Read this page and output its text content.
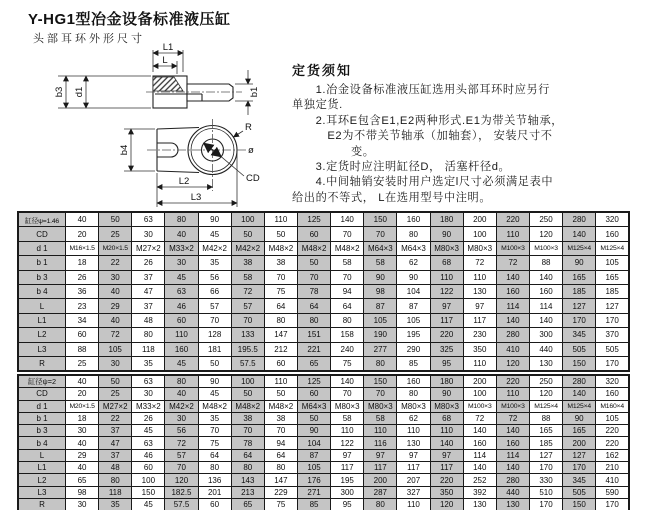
Y-HG1型冶金设备标准液压缸
头部耳环外形尺寸
L1
L
b3 d1	b1
b4
L2
L3
R
ø
CD
定货须知
　　1.冶金设备标准液压缸选用头部耳环时应另行
单独定货.
　　2.耳环E包含E1,E2两种形式.E1为带关节轴承，
　　　E2为不带关节轴承（加轴套）， 安装尺寸不
　　　　　变。
　　3.定货时应注明缸径D， 活塞杆径d。
　　4.中间轴销安装时用户选定l尺寸必须满足表中
给出的不等式， L在选用型号中注明。
缸径ψ=1.46	40	50	63	80	90	100	110	125	140	150	160	180	200	220	250	280	320
CD	20	25	30	40	45	50	50	60	70	70	80	90	100	110	120	140	160
d 1	M16×1.5	M20×1.5	M27×2	M33×2	M42×2	M42×2	M48×2	M48×2	M48×2	M64×3	M64×3	M80×3	M80×3	M100×3	M100×3	M125×4	M125×4
b 1	18	22	26	30	35	38	38	50	58	58	62	68	72	72	88	90	105
b 3	26	30	37	45	56	58	70	70	70	90	90	110	110	140	140	165	165
b 4	36	40	47	63	66	72	75	78	94	98	104	122	130	160	160	185	185
L	23	29	37	46	57	57	64	64	64	87	87	97	97	114	114	127	127
L1	34	40	48	60	70	70	80	80	80	105	105	117	117	140	140	170	170
L2	60	72	80	110	128	133	147	151	158	190	195	220	230	280	300	345	370
L3	88	105	118	160	181	195.5	212	221	240	277	290	325	350	410	440	505	505
R	25	30	35	45	50	57.5	60	65	75	80	85	95	110	120	130	150	170
缸径ψ=2	40	50	63	80	90	100	110	125	140	150	160	180	200	220	250	280	320
CD	20	25	30	40	45	50	50	60	70	70	80	90	100	110	120	140	160
d 1	M20×1.5	M27×2	M33×2	M42×2	M48×2	M48×2	M48×2	M64×3	M80×3	M80×3	M80×3	M80×3	M100×3	M100×3	M125×4	M125×4	M160×4
b 1	18	22	26	30	35	38	38	50	58	58	62	68	72	72	88	90	105
b 3	30	37	45	56	70	70	70	90	110	110	110	110	140	140	165	165	220
b 4	40	47	63	72	75	78	94	104	122	116	130	140	160	160	185	200	220
L	29	37	46	57	64	64	64	87	97	97	97	97	114	114	127	127	162
L1	40	48	60	70	80	80	80	105	117	117	117	117	140	140	170	170	210
L2	65	80	100	120	136	143	147	176	195	200	207	220	252	280	330	345	410
L3	98	118	150	182.5	201	213	229	271	300	287	327	350	392	440	510	505	590
R	30	35	45	57.5	60	65	75	85	95	80	110	120	130	130	170	150	170
